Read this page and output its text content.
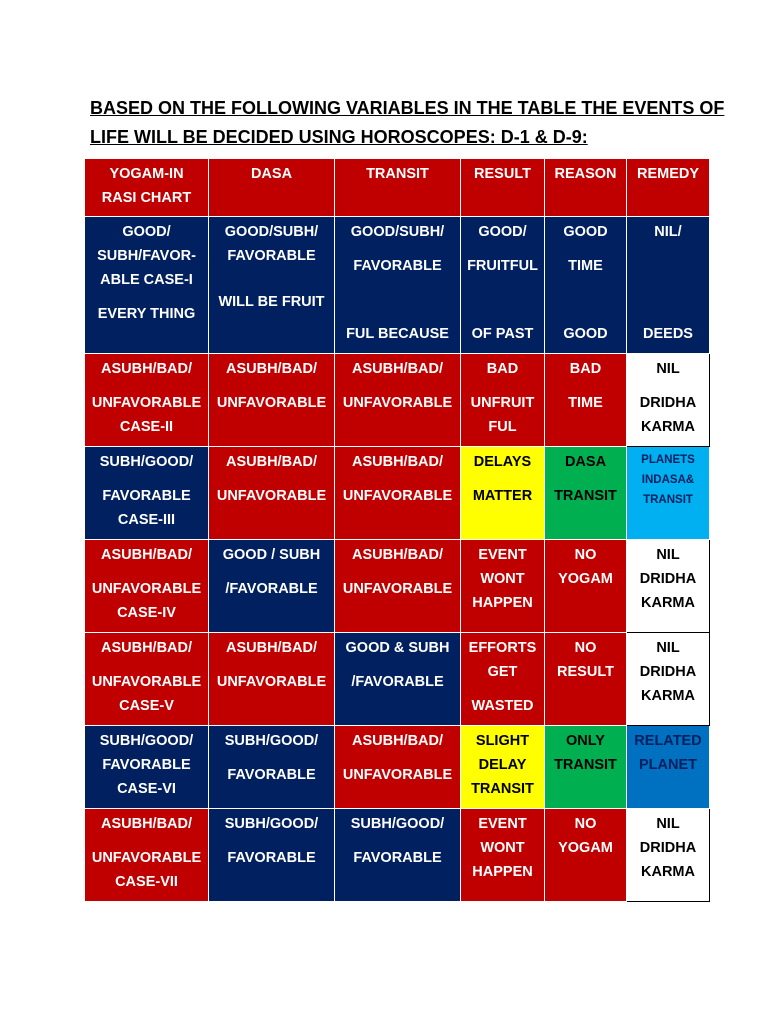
BASED ON THE FOLLOWING VARIABLES IN THE TABLE THE EVENTS OF
LIFE WILL BE DECIDED USING HOROSCOPES: D-1 & D-9:
YOGAM-IN
RASI CHART	DASA	TRANSIT	RESULT	REASON	REMEDY

GOOD/
SUBH/FAVOR-
ABLE CASE-I
EVERY THING	GOOD/SUBH/
FAVORABLE
WILL BE FRUIT	GOOD/SUBH/
FAVORABLE
FUL BECAUSE	GOOD/
FRUITFUL
OF PAST	GOOD
TIME
GOOD	NIL/
DEEDS

ASUBH/BAD/
UNFAVORABLE
CASE-II	ASUBH/BAD/
UNFAVORABLE	ASUBH/BAD/
UNFAVORABLE	BAD
UNFRUIT
FUL	BAD
TIME	NIL
DRIDHA
KARMA

SUBH/GOOD/
FAVORABLE
CASE-III	ASUBH/BAD/
UNFAVORABLE	ASUBH/BAD/
UNFAVORABLE	DELAYS
MATTER	DASA
TRANSIT	PLANETS
INDASA&
TRANSIT

ASUBH/BAD/
UNFAVORABLE
CASE-IV	GOOD / SUBH
/FAVORABLE	ASUBH/BAD/
UNFAVORABLE	EVENT
WONT
HAPPEN	NO
YOGAM	NIL
DRIDHA
KARMA

ASUBH/BAD/
UNFAVORABLE
CASE-V	ASUBH/BAD/
UNFAVORABLE	GOOD & SUBH
/FAVORABLE	EFFORTS
GET
WASTED	NO
RESULT	NIL
DRIDHA
KARMA

SUBH/GOOD/
FAVORABLE
CASE-VI	SUBH/GOOD/
FAVORABLE	ASUBH/BAD/
UNFAVORABLE	SLIGHT
DELAY
TRANSIT	ONLY
TRANSIT	RELATED
PLANET

ASUBH/BAD/
UNFAVORABLE
CASE-VII	SUBH/GOOD/
FAVORABLE	SUBH/GOOD/
FAVORABLE	EVENT
WONT
HAPPEN	NO
YOGAM	NIL
DRIDHA
KARMA
